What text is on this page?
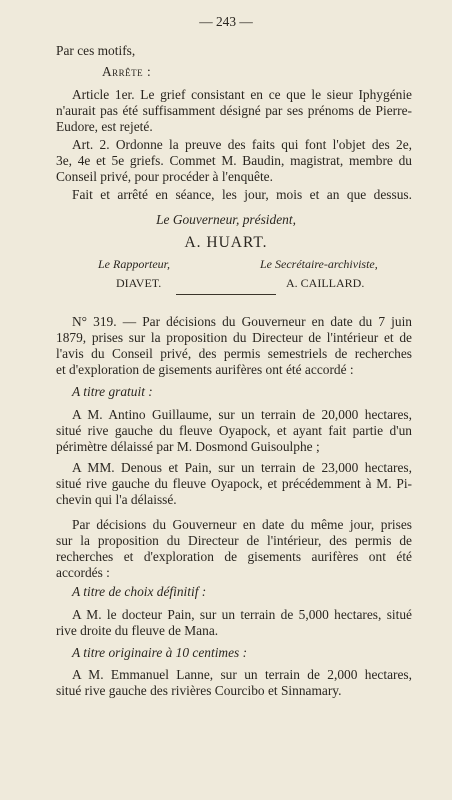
— 243 —
Par ces motifs,
Arrête :
Article 1er. Le grief consistant en ce que le sieur Iphygénie
n'aurait pas été suffisamment désigné par ses prénoms de Pierre-
Eudore, est rejeté.
Art. 2. Ordonne la preuve des faits qui font l'objet des 2e,
3e, 4e et 5e griefs. Commet M. Baudin, magistrat, membre du
Conseil privé, pour procéder à l'enquête.
Fait et arrêté en séance, les jour, mois et an que dessus.
Le Gouverneur, président,
A. HUART.
Le Rapporteur,	Le Secrétaire-archiviste,
DIAVET.	A. CAILLARD.
N° 319. — Par décisions du Gouverneur en date du 7 juin
1879, prises sur la proposition du Directeur de l'intérieur et de
l'avis du Conseil privé, des permis semestriels de recherches
et d'exploration de gisements aurifères ont été accordé :
A titre gratuit :
A M. Antino Guillaume, sur un terrain de 20,000 hectares,
situé rive gauche du fleuve Oyapock, et ayant fait partie d'un
périmètre délaissé par M. Dosmond Guisoulphe ;
A MM. Denous et Pain, sur un terrain de 23,000 hectares,
situé rive gauche du fleuve Oyapock, et précédemment à M. Pi-
chevin qui l'a délaissé.
Par décisions du Gouverneur en date du même jour, prises
sur la proposition du Directeur de l'intérieur, des permis de
recherches et d'exploration de gisements aurifères ont été
accordés :
A titre de choix définitif :
A M. le docteur Pain, sur un terrain de 5,000 hectares, situé
rive droite du fleuve de Mana.
A titre originaire à 10 centimes :
A M. Emmanuel Lanne, sur un terrain de 2,000 hectares,
situé rive gauche des rivières Courcibo et Sinnamary.
